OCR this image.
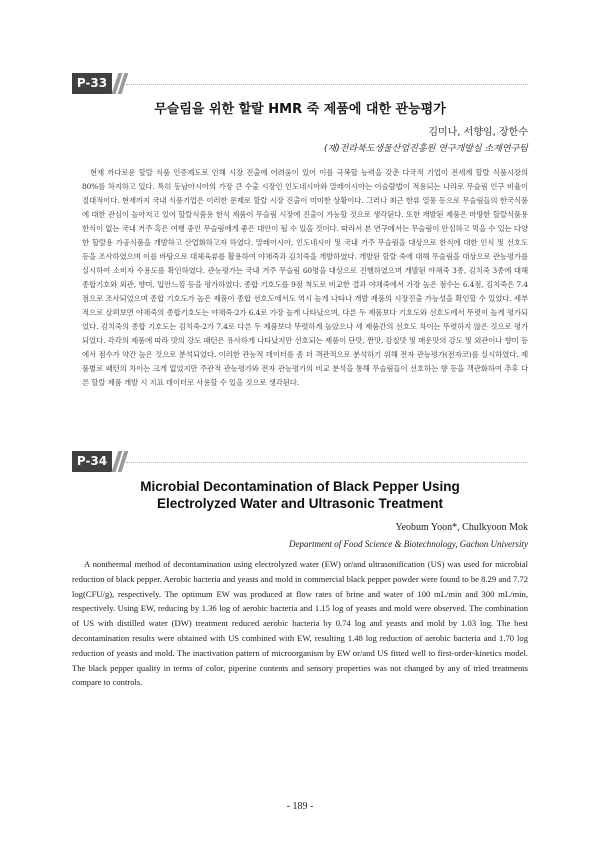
P-33
무슬림을 위한 할랄 HMR 죽 제품에 대한 관능평가
김미나, 서향임, 장한수
(재)전라북도생물산업진흥원 연구개발실 소재연구팀

현재 까다로운 할랄 식품 인증제도로 인해 시장 진출에 어려움이 있어 이를 극복할 능력을 갖춘 다국적 기업이 전세계 할랄 식품시장의 80%를 차지하고 있다. 특히 동남아시아의 가장 큰 수출 시장인 인도네시아와 말레이시아는 이슬람법이 적용되는 나라로 무슬림 인구 비율이 절대적이다. 현재까지 국내 식품기업은 이러한 문제로 할랄 시장 진출이 미미한 상황이다. 그러나 최근 한류 열풍 등으로 무슬림들의 한국식품에 대한 관심이 높아지고 있어 할랄식품용 한식 제품이 무슬림 시장에 진출이 가능할 것으로 생각된다. 또한 개발된 제품은 마땅한 할랄식품용 한식이 없는 국내 거주 혹은 여행 중인 무슬림에게 좋은 대안이 될 수 있을 것이다. 따라서 본 연구에서는 무슬림이 안심하고 먹을 수 있는 다양한 할랄용 가공식품을 개발하고 산업화하고자 하였다. 말레이시아, 인도네시아 및 국내 거주 무슬림을 대상으로 한식에 대한 인식 및 선호도 등을 조사하였으며 이를 바탕으로 대체육류를 활용하여 야채죽과 김치죽을 개발하였다. 개발된 할랄 죽에 대해 무슬림을 대상으로 관능평가를 실시하여 소비자 수용도를 확인하였다. 관능평가는 국내 거주 무슬림 60명을 대상으로 진행하였으며 개발된 야채죽 3종, 김치죽 3종에 대해 종합기호와 외관, 향미, 입안느낌 등을 평가하였다. 종합 기호도를 9점 척도로 비교한 결과 야채죽에서 가장 높은 점수는 6.4점, 김치죽은 7.4점으로 조사되었으며 종합 기호도가 높은 제품이 종합 선호도에서도 역시 높게 나타나 개발 제품의 시장진출 가능성을 확인할 수 있었다. 세부적으로 살펴보면 야채죽의 종합기호도는 야채죽-2가 6.4로 가장 높게 나타났으며, 다른 두 제품보다 기호도와 선호도에서 뚜렷이 높게 평가되었다. 김치죽의 종합 기호도는 김치죽-2가 7.4로 다른 두 제품보다 뚜렷하게 높았으나 세 제품간의 선호도 차이는 뚜렷하지 않은 것으로 평가되었다. 각각의 제품에 따라 맛의 강도 패턴은 유사하게 나타났지만 선호되는 제품이 단맛, 짠맛, 감칠맛 및 매운맛의 강도 및 외관이나 향미 등에서 점수가 약간 높은 것으로 분석되었다. 이러한 관능적 데이터를 좀 더 객관적으로 분석하기 위해 전자 관능평가(전자코)를 실시하였다. 제품별로 패턴의 차이는 크게 없었지만 주관적 관능평가와 전자 관능평가의 비교 분석을 통해 무슬림들이 선호하는 향 등을 객관화하여 추후 다른 할랄 제품 개발 시 지표 데이터로 사용할 수 있을 것으로 생각된다.

P-34
Microbial Decontamination of Black Pepper Using
Electrolyzed Water and Ultrasonic Treatment
Yeobum Yoon*, Chulkyoon Mok
Department of Food Science & Biotechnology, Gachon University

A nonthermal method of decontamination using electrolyzed water (EW) or/and ultrasonification (US) was used for microbial reduction of black pepper. Aerobic bacteria and yeasts and mold in commercial black pepper powder were found to be 8.29 and 7.72 log(CFU/g), respectively. The optimum EW was produced at flow rates of brine and water of 100 mL/min and 300 mL/min, respectively. Using EW, reducing by 1.36 log of aerobic bacteria and 1.15 log of yeasts and mold were observed. The combination of US with distilled water (DW) treatment reduced aerobic bacteria by 0.74 log and yeasts and mold by 1.03 log. The best decontamination results were obtained with US combined with EW, resulting 1.48 log reduction of aerobic bacteria and 1.70 log reduction of yeasts and mold. The inactivation pattern of microorganism by EW or/and US fitted well to first-order-kinetics model. The black pepper quality in terms of color, piperine contents and sensory properties was not changed by any of tried treatments compare to controls.

- 189 -
